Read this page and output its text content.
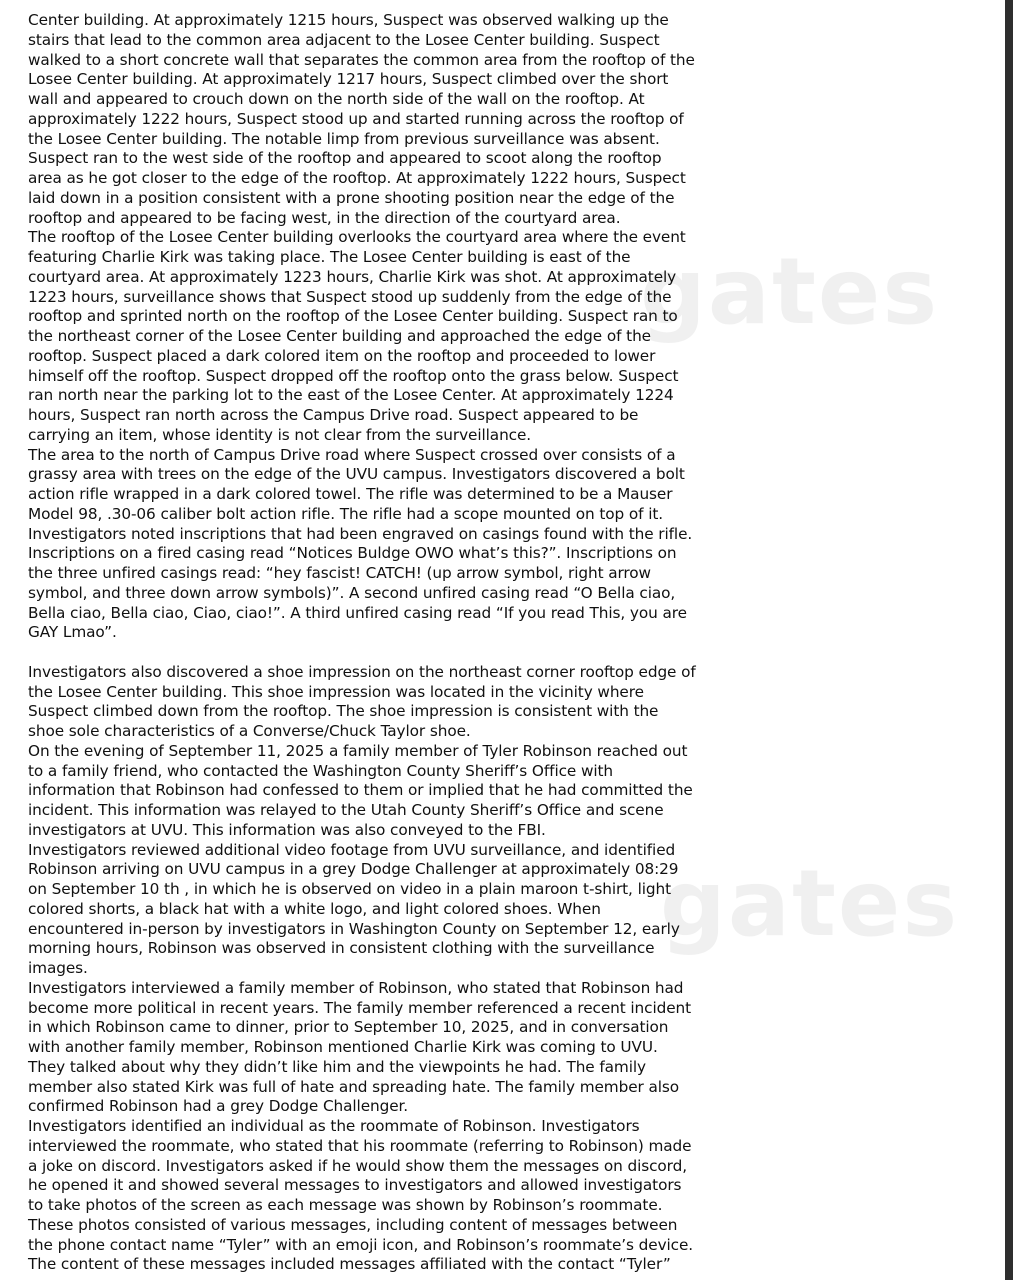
gates
gates
Center building. At approximately 1215 hours, Suspect was observed walking up the
stairs that lead to the common area adjacent to the Losee Center building. Suspect
walked to a short concrete wall that separates the common area from the rooftop of the
Losee Center building. At approximately 1217 hours, Suspect climbed over the short
wall and appeared to crouch down on the north side of the wall on the rooftop. At
approximately 1222 hours, Suspect stood up and started running across the rooftop of
the Losee Center building. The notable limp from previous surveillance was absent.
Suspect ran to the west side of the rooftop and appeared to scoot along the rooftop
area as he got closer to the edge of the rooftop. At approximately 1222 hours, Suspect
laid down in a position consistent with a prone shooting position near the edge of the
rooftop and appeared to be facing west, in the direction of the courtyard area.
The rooftop of the Losee Center building overlooks the courtyard area where the event
featuring Charlie Kirk was taking place. The Losee Center building is east of the
courtyard area. At approximately 1223 hours, Charlie Kirk was shot. At approximately
1223 hours, surveillance shows that Suspect stood up suddenly from the edge of the
rooftop and sprinted north on the rooftop of the Losee Center building. Suspect ran to
the northeast corner of the Losee Center building and approached the edge of the
rooftop. Suspect placed a dark colored item on the rooftop and proceeded to lower
himself off the rooftop. Suspect dropped off the rooftop onto the grass below. Suspect
ran north near the parking lot to the east of the Losee Center. At approximately 1224
hours, Suspect ran north across the Campus Drive road. Suspect appeared to be
carrying an item, whose identity is not clear from the surveillance.
The area to the north of Campus Drive road where Suspect crossed over consists of a
grassy area with trees on the edge of the UVU campus. Investigators discovered a bolt
action rifle wrapped in a dark colored towel. The rifle was determined to be a Mauser
Model 98, .30-06 caliber bolt action rifle. The rifle had a scope mounted on top of it.
Investigators noted inscriptions that had been engraved on casings found with the rifle.
Inscriptions on a fired casing read “Notices Buldge OWO what’s this?”. Inscriptions on
the three unfired casings read: “hey fascist! CATCH! (up arrow symbol, right arrow
symbol, and three down arrow symbols)”. A second unfired casing read “O Bella ciao,
Bella ciao, Bella ciao, Ciao, ciao!”. A third unfired casing read “If you read This, you are
GAY Lmao”.
Investigators also discovered a shoe impression on the northeast corner rooftop edge of
the Losee Center building. This shoe impression was located in the vicinity where
Suspect climbed down from the rooftop. The shoe impression is consistent with the
shoe sole characteristics of a Converse/Chuck Taylor shoe.
On the evening of September 11, 2025 a family member of Tyler Robinson reached out
to a family friend, who contacted the Washington County Sheriff’s Office with
information that Robinson had confessed to them or implied that he had committed the
incident. This information was relayed to the Utah County Sheriff’s Office and scene
investigators at UVU. This information was also conveyed to the FBI.
Investigators reviewed additional video footage from UVU surveillance, and identified
Robinson arriving on UVU campus in a grey Dodge Challenger at approximately 08:29
on September 10 th , in which he is observed on video in a plain maroon t-shirt, light
colored shorts, a black hat with a white logo, and light colored shoes. When
encountered in-person by investigators in Washington County on September 12, early
morning hours, Robinson was observed in consistent clothing with the surveillance
images.
Investigators interviewed a family member of Robinson, who stated that Robinson had
become more political in recent years. The family member referenced a recent incident
in which Robinson came to dinner, prior to September 10, 2025, and in conversation
with another family member, Robinson mentioned Charlie Kirk was coming to UVU.
They talked about why they didn’t like him and the viewpoints he had. The family
member also stated Kirk was full of hate and spreading hate. The family member also
confirmed Robinson had a grey Dodge Challenger.
Investigators identified an individual as the roommate of Robinson. Investigators
interviewed the roommate, who stated that his roommate (referring to Robinson) made
a joke on discord. Investigators asked if he would show them the messages on discord,
he opened it and showed several messages to investigators and allowed investigators
to take photos of the screen as each message was shown by Robinson’s roommate.
These photos consisted of various messages, including content of messages between
the phone contact name “Tyler” with an emoji icon, and Robinson’s roommate’s device.
The content of these messages included messages affiliated with the contact “Tyler”
